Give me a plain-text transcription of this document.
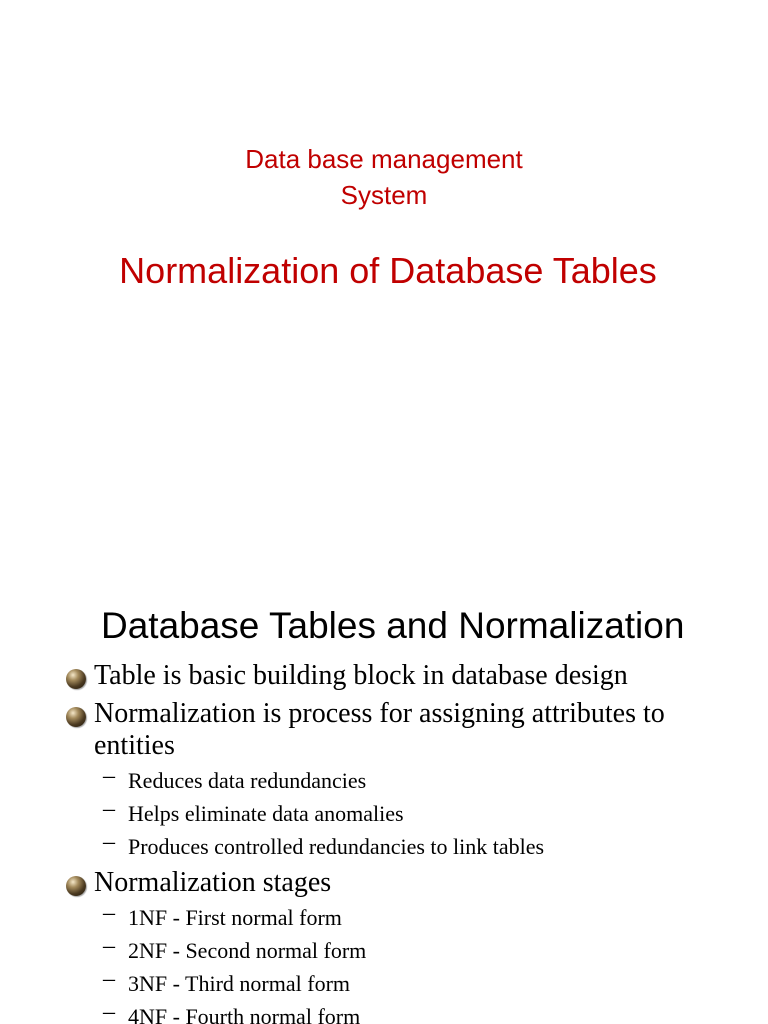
Data base management
System
Normalization of Database Tables
Database Tables and Normalization
Table is basic building block in database design
Normalization is process for assigning attributes to entities
– Reduces data redundancies
– Helps eliminate data anomalies
– Produces controlled redundancies to link tables
Normalization stages
– 1NF - First normal form
– 2NF - Second normal form
– 3NF - Third normal form
– 4NF - Fourth normal form
